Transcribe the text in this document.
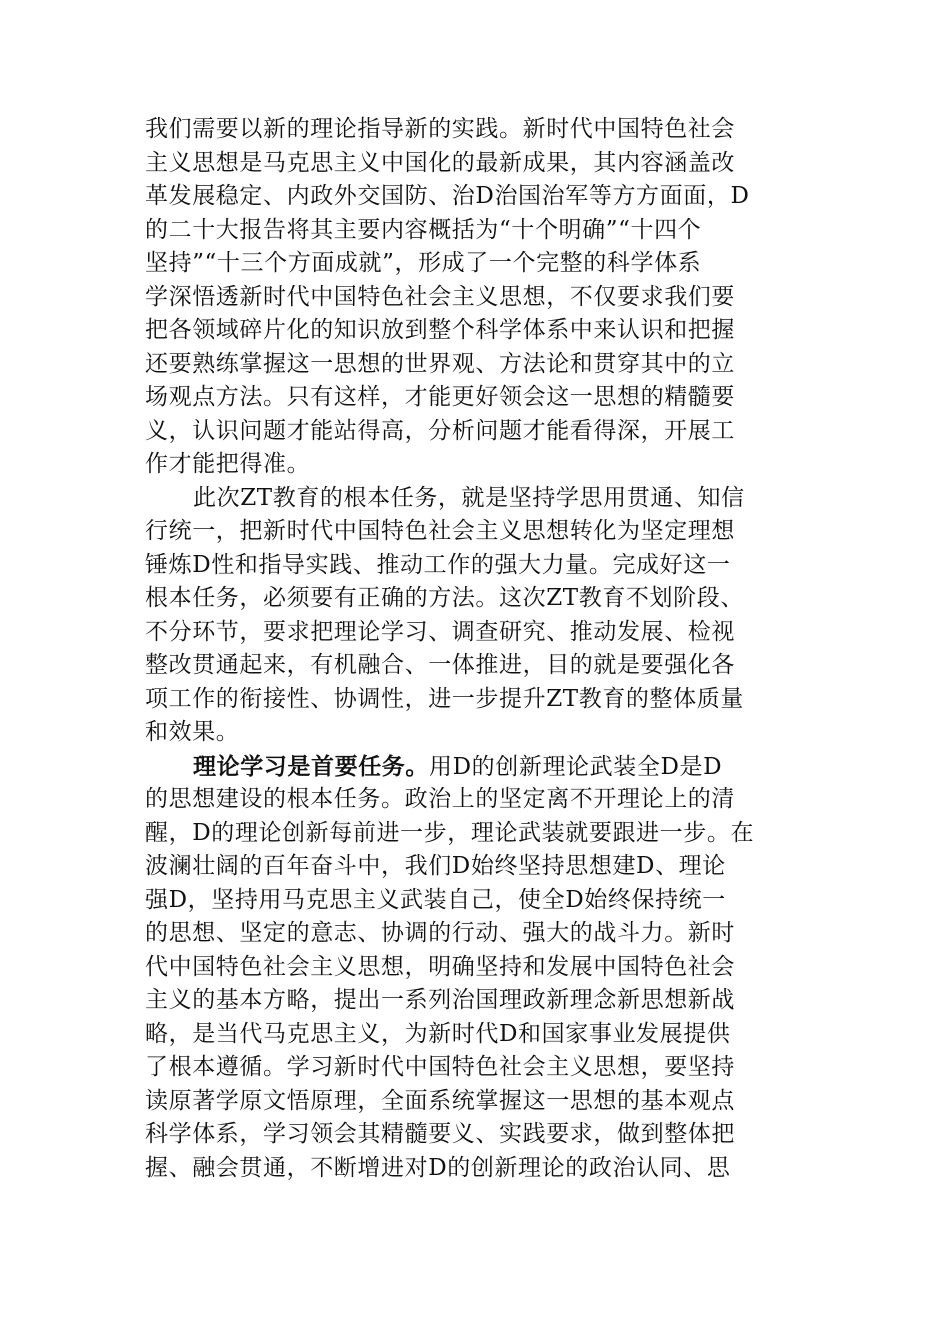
我们需要以新的理论指导新的实践。新时代中国特色社会
主义思想是马克思主义中国化的最新成果，其内容涵盖改
革发展稳定、内政外交国防、治D治国治军等方方面面，D
的二十大报告将其主要内容概括为“十个明确”“十四个
坚持”“十三个方面成就”，形成了一个完整的科学体系
学深悟透新时代中国特色社会主义思想，不仅要求我们要
把各领域碎片化的知识放到整个科学体系中来认识和把握
还要熟练掌握这一思想的世界观、方法论和贯穿其中的立
场观点方法。只有这样，才能更好领会这一思想的精髓要
义，认识问题才能站得高，分析问题才能看得深，开展工
作才能把得准。
此次ZT教育的根本任务，就是坚持学思用贯通、知信
行统一，把新时代中国特色社会主义思想转化为坚定理想
锤炼D性和指导实践、推动工作的强大力量。完成好这一
根本任务，必须要有正确的方法。这次ZT教育不划阶段、
不分环节，要求把理论学习、调查研究、推动发展、检视
整改贯通起来，有机融合、一体推进，目的就是要强化各
项工作的衔接性、协调性，进一步提升ZT教育的整体质量
和效果。
理论学习是首要任务。用D的创新理论武装全D是D
的思想建设的根本任务。政治上的坚定离不开理论上的清
醒，D的理论创新每前进一步，理论武装就要跟进一步。在
波澜壮阔的百年奋斗中，我们D始终坚持思想建D、理论
强D，坚持用马克思主义武装自己，使全D始终保持统一
的思想、坚定的意志、协调的行动、强大的战斗力。新时
代中国特色社会主义思想，明确坚持和发展中国特色社会
主义的基本方略，提出一系列治国理政新理念新思想新战
略，是当代马克思主义，为新时代D和国家事业发展提供
了根本遵循。学习新时代中国特色社会主义思想，要坚持
读原著学原文悟原理，全面系统掌握这一思想的基本观点
科学体系，学习领会其精髓要义、实践要求，做到整体把
握、融会贯通，不断增进对D的创新理论的政治认同、思
